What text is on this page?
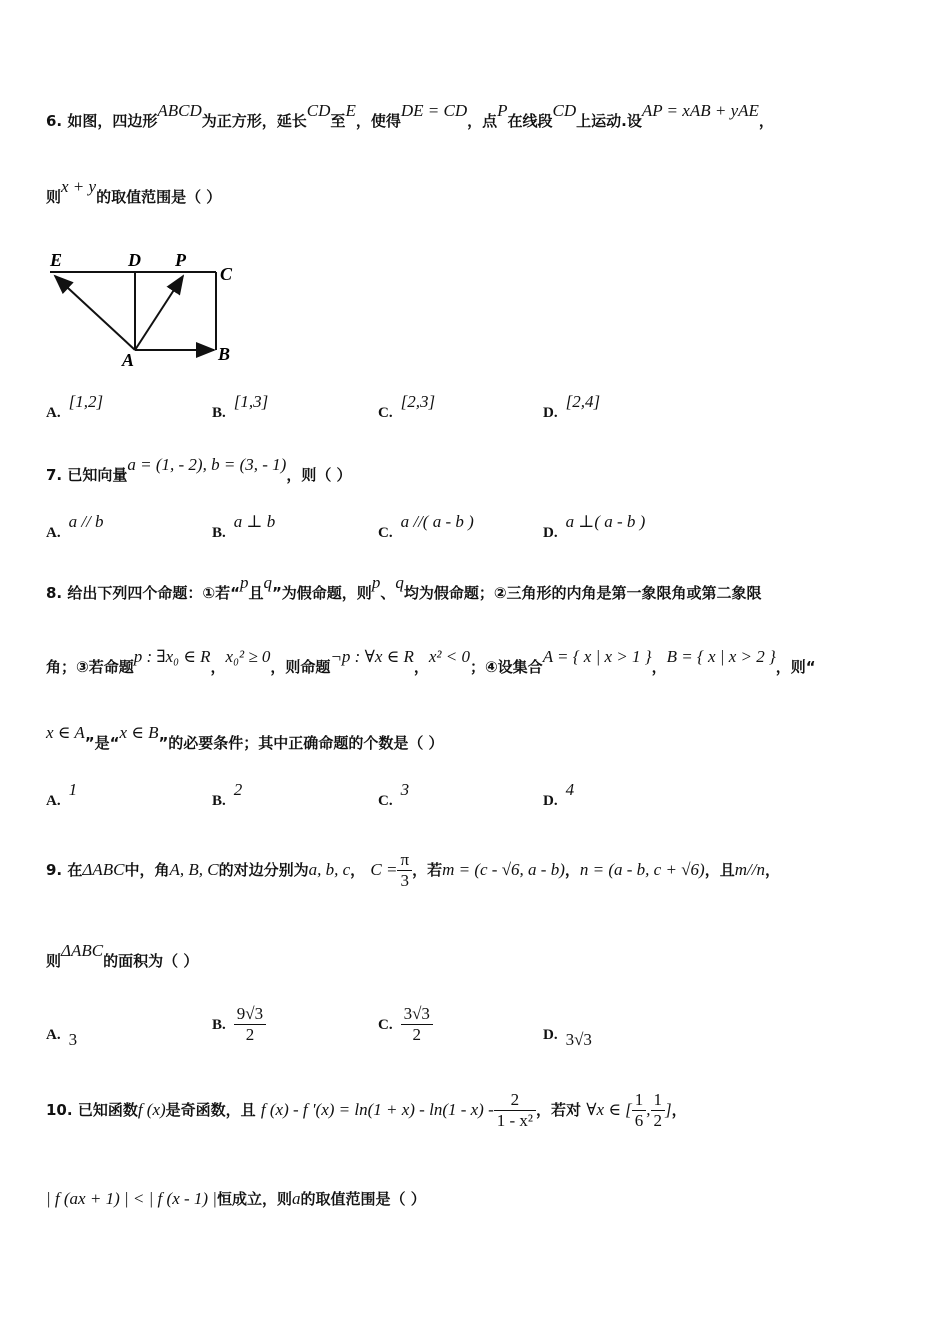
6. 如图，四边形ABCD为正方形，延长CD至E，使得DE = CD，点P在线段CD上运动.设AP = xAB + yAE，
则x + y的取值范围是（ ）
E	D P
C
A	B
A.[1,2]
B.[1,3]
C.[2,3]
D.[2,4]
7. 已知向量a = (1, - 2), b = (3, - 1)，则（ ）
A.a // b
B.a ⊥ b
C.a //( a - b )
D.a ⊥( a - b )
8. 给出下列四个命题：①若“p且q”为假命题，则p、q均为假命题；②三角形的内角是第一象限角或第二象限
角；③若命题p : ∃x₀ ∈ R，x₀² ≥ 0，则命题¬p : ∀x ∈ R，x² < 0；④设集合A = { x | x > 1 }，B = { x | x > 2 }，则“
x ∈ A”是“x ∈ B”的必要条件；其中正确命题的个数是（ ）
A.1
B.2
C.3
D.4
9. 在ΔABC中，角A, B, C的对边分别为a, b, c， $C = \frac{\pi}{3}$ ，若m = (c - √6, a - b)，n = (a - b, c + √6)，且m//n，
则ΔABC的面积为（ ）
A. 3
B. $\frac{9√3}{2}$	C. $\frac{3√3}{2}$	D. 3√3
10. 已知函数f (x)是奇函数，且 f (x) - f '$(x) = \ln(1 + x) - \ln(1 - x) - \frac{2}{\text{1 - x²}}$ ，若对 ∀x ∈ [ $\frac{1}{6}$ , $\frac{1}{2}$ ]，
| f (ax + 1) | < | f (x - 1) |恒成立，则a的取值范围是（ ）
